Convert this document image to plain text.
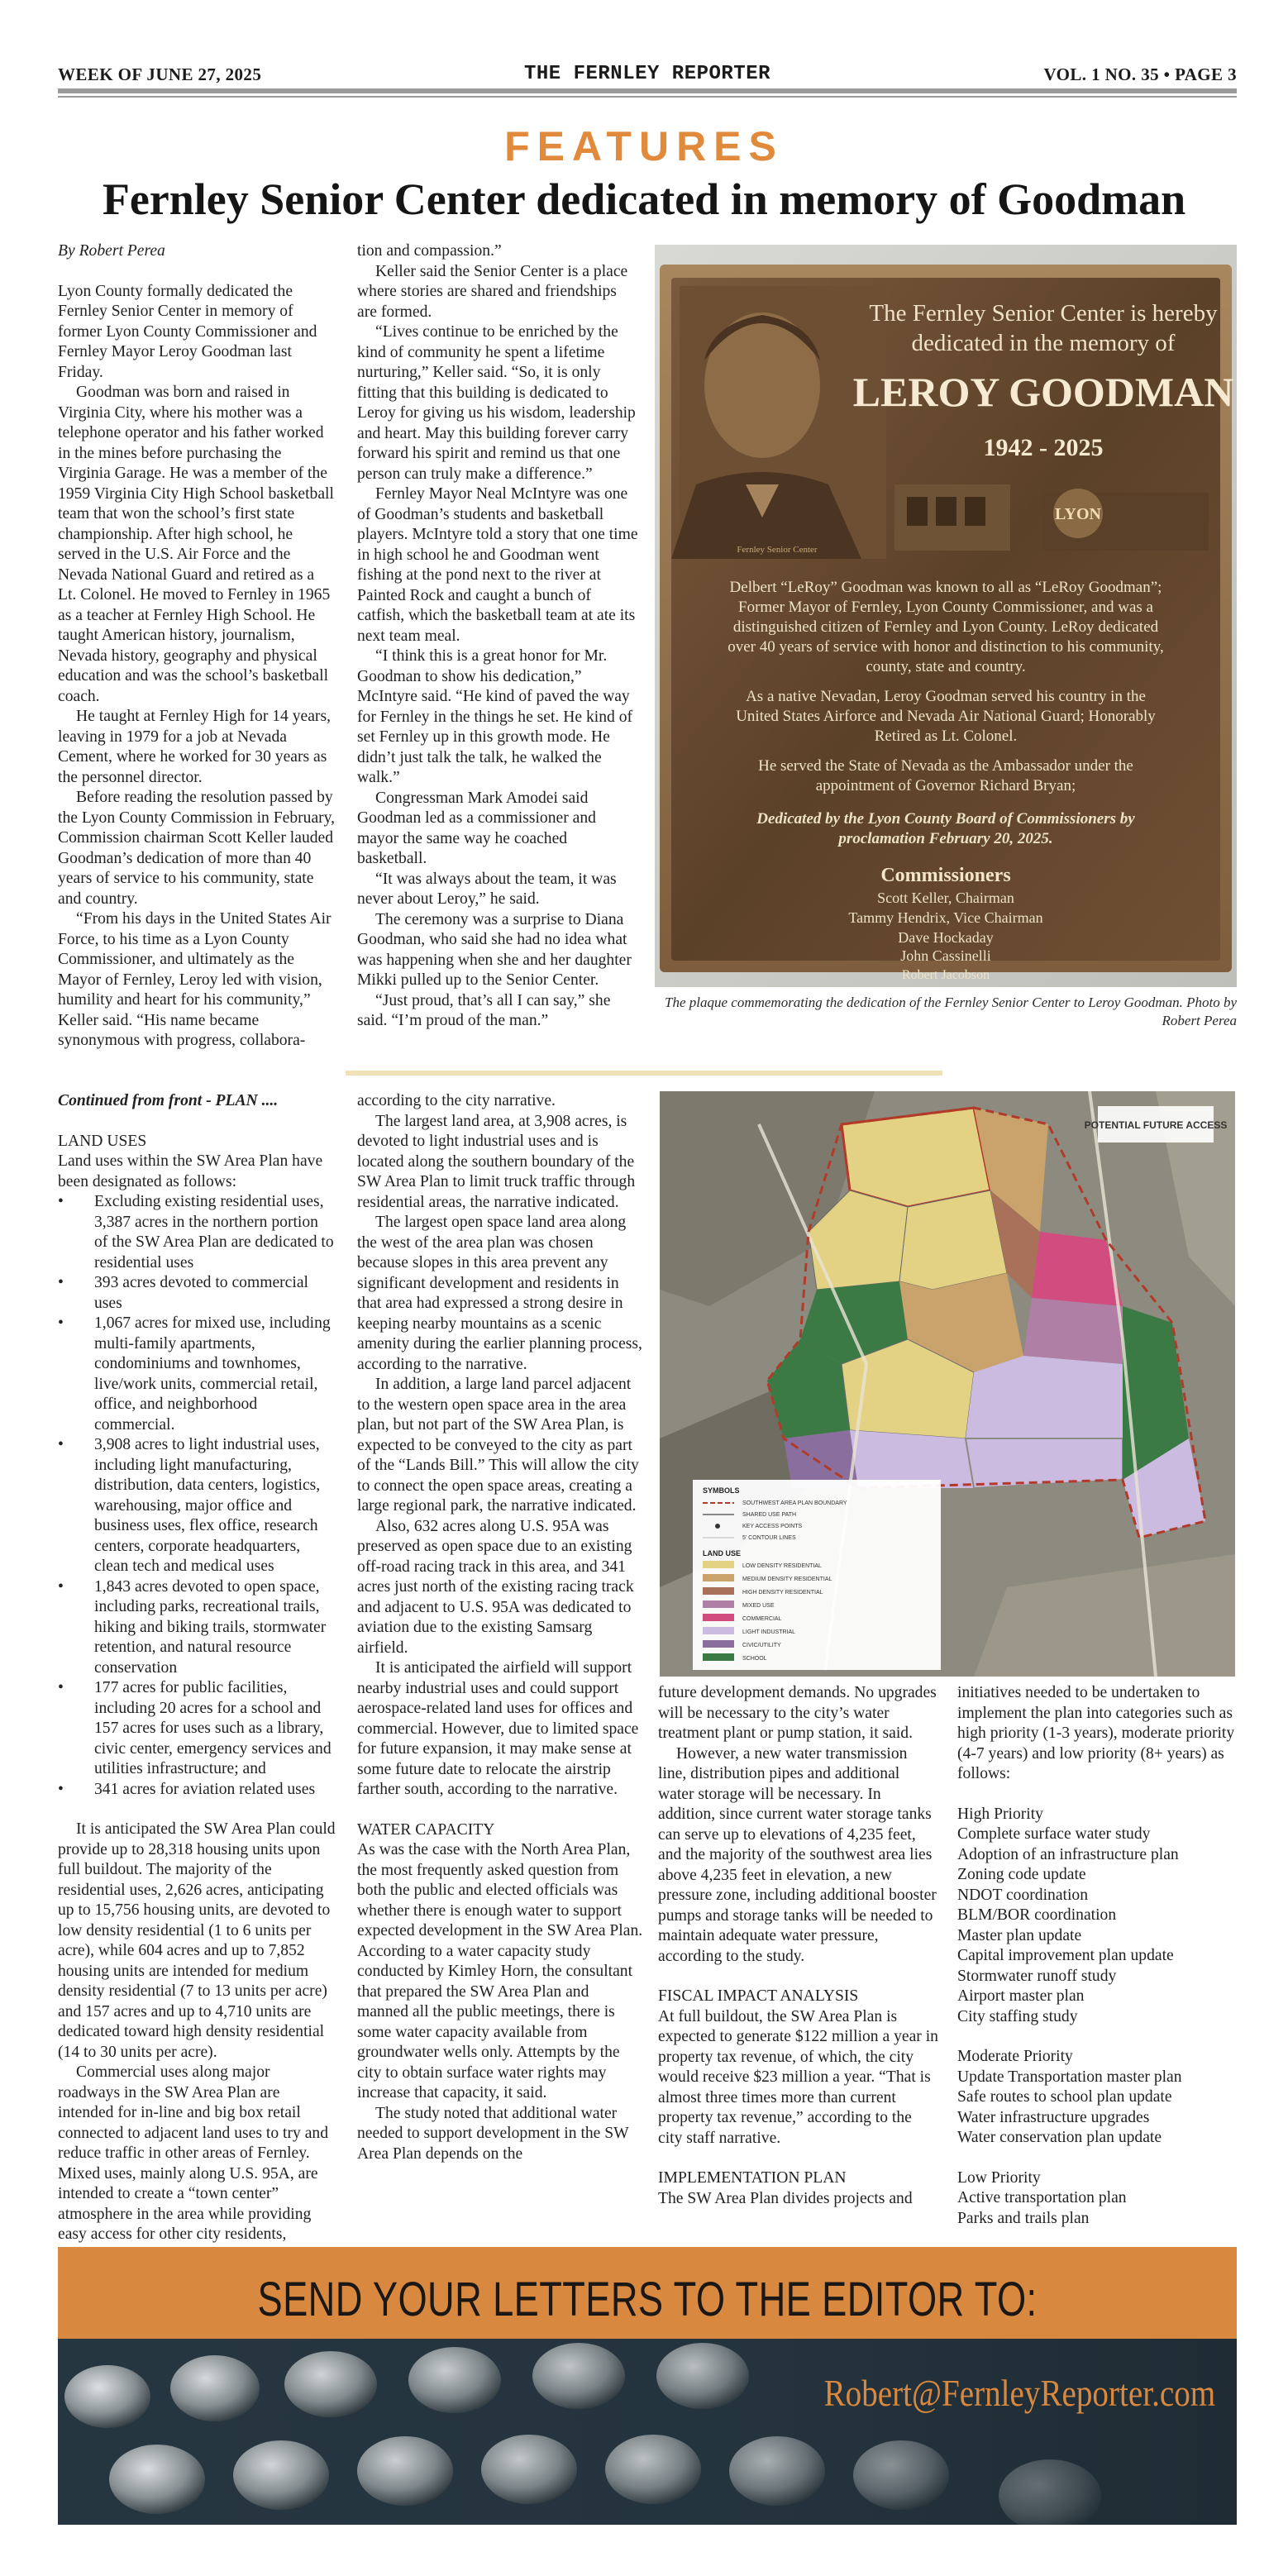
WEEK OF JUNE 27, 2025	THE FERNLEY REPORTER	VOL. 1 NO. 35 • PAGE 3
FEATURES
Fernley Senior Center dedicated in memory of Goodman

By Robert Perea

Lyon County formally dedicated the Fernley Senior Center in memory of former Lyon County Commissioner and Fernley Mayor Leroy Goodman last Friday.

Goodman was born and raised in Virginia City, where his mother was a telephone operator and his father worked in the mines before purchasing the Virginia Garage. He was a member of the 1959 Virginia City High School basketball team that won the school’s first state championship. After high school, he served in the U.S. Air Force and the Nevada National Guard and retired as a Lt. Colonel. He moved to Fernley in 1965 as a teacher at Fernley High School. He taught American history, journalism, Nevada history, geography and physical education and was the school’s basketball coach.

He taught at Fernley High for 14 years, leaving in 1979 for a job at Nevada Cement, where he worked for 30 years as the personnel director.

Before reading the resolution passed by the Lyon County Commission in February, Commission chairman Scott Keller lauded Goodman’s dedication of more than 40 years of service to his community, state and country.

“From his days in the United States Air Force, to his time as a Lyon County Commissioner, and ultimately as the Mayor of Fernley, Leroy led with vision, humility and heart for his community,” Keller said. “His name became synonymous with progress, collabora-

tion and compassion.”

Keller said the Senior Center is a place where stories are shared and friendships are formed.

“Lives continue to be enriched by the kind of community he spent a lifetime nurturing,” Keller said. “So, it is only fitting that this building is dedicated to Leroy for giving us his wisdom, leadership and heart. May this building forever carry forward his spirit and remind us that one person can truly make a difference.”

Fernley Mayor Neal McIntyre was one of Goodman’s students and basketball players. McIntyre told a story that one time in high school he and Goodman went fishing at the pond next to the river at Painted Rock and caught a bunch of catfish, which the basketball team at ate its next team meal.

“I think this is a great honor for Mr. Goodman to show his dedication,” McIntyre said. “He kind of paved the way for Fernley in the things he set. He kind of set Fernley up in this growth mode. He didn’t just talk the talk, he walked the walk.”

Congressman Mark Amodei said Goodman led as a commissioner and mayor the same way he coached basketball.

“It was always about the team, it was never about Leroy,” he said.

The ceremony was a surprise to Diana Goodman, who said she had no idea what was happening when she and her daughter Mikki pulled up to the Senior Center.

“Just proud, that’s all I can say,” she said. “I’m proud of the man.”

Fernley Senior Center
LYON
The Fernley Senior Center is hereby
dedicated in the memory of
LEROY GOODMAN
1942 - 2025
Delbert “LeRoy” Goodman was known to all as “LeRoy Goodman”;
Former Mayor of Fernley, Lyon County Commissioner, and was a
distinguished citizen of Fernley and Lyon County. LeRoy dedicated
over 40 years of service with honor and distinction to his community,
county, state and country.
As a native Nevadan, Leroy Goodman served his country in the
United States Airforce and Nevada Air National Guard; Honorably
Retired as Lt. Colonel.
He served the State of Nevada as the Ambassador under the
appointment of Governor Richard Bryan;
Dedicated by the Lyon County Board of Commissioners by
proclamation February 20, 2025.
Commissioners
Scott Keller, Chairman
Tammy Hendrix, Vice Chairman
Dave Hockaday
John Cassinelli
Robert Jacobson
The plaque commemorating the dedication of the Fernley Senior Center to Leroy Goodman. Photo by Robert Perea

Continued from front - PLAN ....

LAND USES

Land uses within the SW Area Plan have been designated as follows:

• Excluding existing residential uses, 3,387 acres in the northern portion of the SW Area Plan are dedicated to residential uses
• 393 acres devoted to commercial uses
• 1,067 acres for mixed use, including multi-family apartments, condominiums and townhomes, live/work units, commercial retail, office, and neighborhood commercial.
• 3,908 acres to light industrial uses, including light manufacturing, distribution, data centers, logistics, warehousing, major office and business uses, flex office, research centers, corporate headquarters, clean tech and medical uses
• 1,843 acres devoted to open space, including parks, recreational trails, hiking and biking trails, stormwater retention, and natural resource conservation
• 177 acres for public facilities, including 20 acres for a school and 157 acres for uses such as a library, civic center, emergency services and utilities infrastructure; and
• 341 acres for aviation related uses

It is anticipated the SW Area Plan could provide up to 28,318 housing units upon full buildout. The majority of the residential uses, 2,626 acres, anticipating up to 15,756 housing units, are devoted to low density residential (1 to 6 units per acre), while 604 acres and up to 7,852 housing units are intended for medium density residential (7 to 13 units per acre) and 157 acres and up to 4,710 units are dedicated toward high density residential (14 to 30 units per acre).

Commercial uses along major roadways in the SW Area Plan are intended for in-line and big box retail connected to adjacent land uses to try and reduce traffic in other areas of Fernley. Mixed uses, mainly along U.S. 95A, are intended to create a “town center” atmosphere in the area while providing easy access for other city residents,

according to the city narrative.

The largest land area, at 3,908 acres, is devoted to light industrial uses and is located along the southern boundary of the SW Area Plan to limit truck traffic through residential areas, the narrative indicated.

The largest open space land area along the west of the area plan was chosen because slopes in this area prevent any significant development and residents in that area had expressed a strong desire in keeping nearby mountains as a scenic amenity during the earlier planning process, according to the narrative.

In addition, a large land parcel adjacent to the western open space area in the area plan, but not part of the SW Area Plan, is expected to be conveyed to the city as part of the “Lands Bill.” This will allow the city to connect the open space areas, creating a large regional park, the narrative indicated.

Also, 632 acres along U.S. 95A was preserved as open space due to an existing off-road racing track in this area, and 341 acres just north of the existing racing track and adjacent to U.S. 95A was dedicated to aviation due to the existing Samsarg airfield.

It is anticipated the airfield will support nearby industrial uses and could support aerospace-related land uses for offices and commercial. However, due to limited space for future expansion, it may make sense at some future date to relocate the airstrip farther south, according to the narrative.

WATER CAPACITY

As was the case with the North Area Plan, the most frequently asked question from both the public and elected officials was whether there is enough water to support expected development in the SW Area Plan. According to a water capacity study conducted by Kimley Horn, the consultant that prepared the SW Area Plan and manned all the public meetings, there is some water capacity available from groundwater wells only. Attempts by the city to obtain surface water rights may increase that capacity, it said.

The study noted that additional water needed to support development in the SW Area Plan depends on the

POTENTIAL FUTURE ACCESS
SYMBOLS
SOUTHWEST AREA PLAN BOUNDARY
SHARED USE PATH
KEY ACCESS POINTS
5' CONTOUR LINES
LAND USE
LOW DENSITY RESIDENTIAL
MEDIUM DENSITY RESIDENTIAL
HIGH DENSITY RESIDENTIAL
MIXED USE
COMMERCIAL
LIGHT INDUSTRIAL
CIVIC/UTILITY
SCHOOL

future development demands. No upgrades will be necessary to the city’s water treatment plant or pump station, it said.

However, a new water transmission line, distribution pipes and additional water storage will be necessary. In addition, since current water storage tanks can serve up to elevations of 4,235 feet, and the majority of the southwest area lies above 4,235 feet in elevation, a new pressure zone, including additional booster pumps and storage tanks will be needed to maintain adequate water pressure, according to the study.

FISCAL IMPACT ANALYSIS

At full buildout, the SW Area Plan is expected to generate $122 million a year in property tax revenue, of which, the city would receive $23 million a year. “That is almost three times more than current property tax revenue,” according to the city staff narrative.

IMPLEMENTATION PLAN

The SW Area Plan divides projects and

initiatives needed to be undertaken to implement the plan into categories such as high priority (1-3 years), moderate priority (4-7 years) and low priority (8+ years) as follows:

High Priority

Complete surface water study

Adoption of an infrastructure plan

Zoning code update

NDOT coordination

BLM/BOR coordination

Master plan update

Capital improvement plan update

Stormwater runoff study

Airport master plan

City staffing study

Moderate Priority

Update Transportation master plan

Safe routes to school plan update

Water infrastructure upgrades

Water conservation plan update

Low Priority

Active transportation plan

Parks and trails plan

SEND YOUR LETTERS TO THE EDITOR TO:
Robert@FernleyReporter.com
